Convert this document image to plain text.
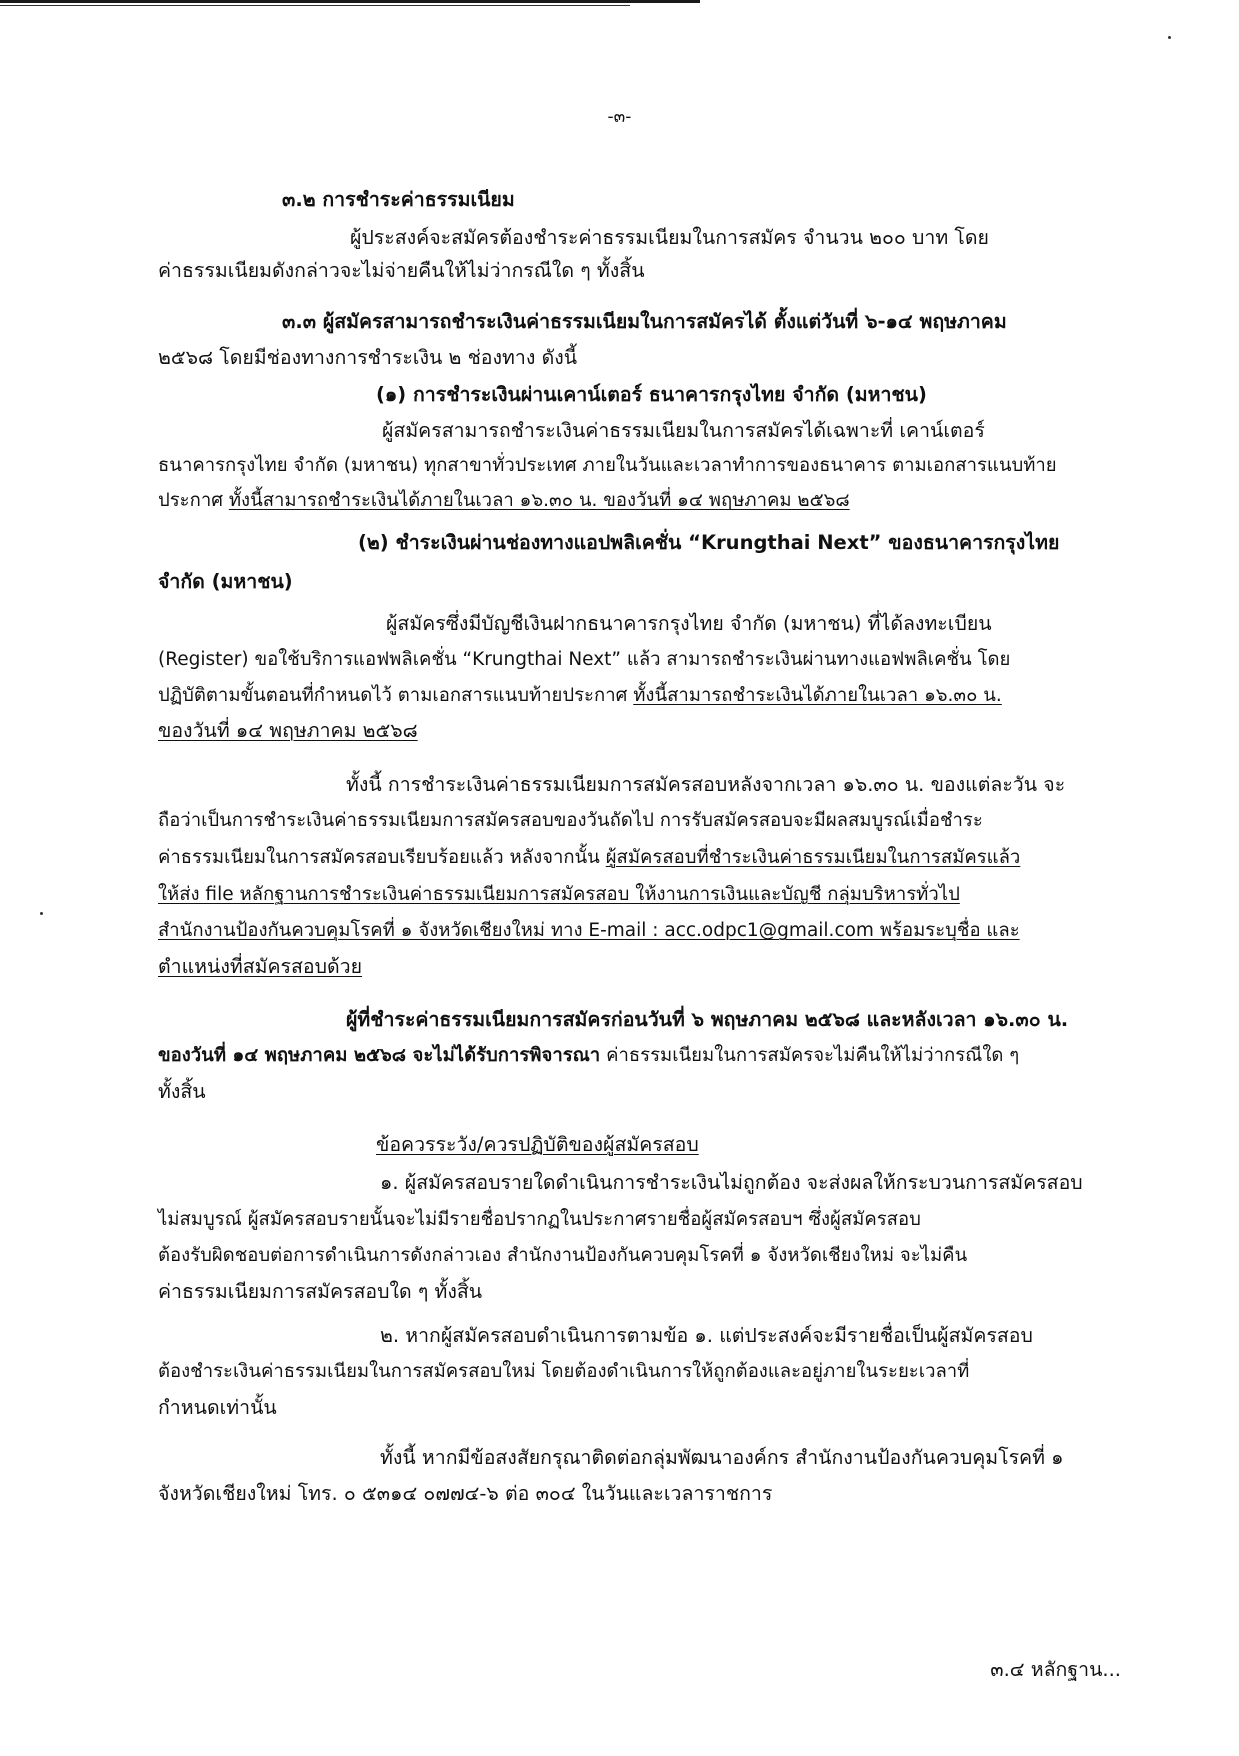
-๓-
๓.๒ การชำระค่าธรรมเนียม
ผู้ประสงค์จะสมัครต้องชำระค่าธรรมเนียมในการสมัคร จำนวน ๒๐๐ บาท โดย
ค่าธรรมเนียมดังกล่าวจะไม่จ่ายคืนให้ไม่ว่ากรณีใด ๆ ทั้งสิ้น
๓.๓ ผู้สมัครสามารถชำระเงินค่าธรรมเนียมในการสมัครได้ ตั้งแต่วันที่ ๖-๑๔ พฤษภาคม
๒๕๖๘ โดยมีช่องทางการชำระเงิน ๒ ช่องทาง ดังนี้
(๑) การชำระเงินผ่านเคาน์เตอร์ ธนาคารกรุงไทย จำกัด (มหาชน)
ผู้สมัครสามารถชำระเงินค่าธรรมเนียมในการสมัครได้เฉพาะที่ เคาน์เตอร์
ธนาคารกรุงไทย จำกัด (มหาชน) ทุกสาขาทั่วประเทศ ภายในวันและเวลาทำการของธนาคาร ตามเอกสารแนบท้าย
ประกาศ ทั้งนี้สามารถชำระเงินได้ภายในเวลา ๑๖.๓๐ น. ของวันที่ ๑๔ พฤษภาคม ๒๕๖๘
(๒) ชำระเงินผ่านช่องทางแอปพลิเคชั่น “Krungthai Next” ของธนาคารกรุงไทย
จำกัด (มหาชน)
ผู้สมัครซึ่งมีบัญชีเงินฝากธนาคารกรุงไทย จำกัด (มหาชน) ที่ได้ลงทะเบียน
(Register) ขอใช้บริการแอฟพลิเคชั่น “Krungthai Next” แล้ว สามารถชำระเงินผ่านทางแอฟพลิเคชั่น โดย
ปฏิบัติตามขั้นตอนที่กำหนดไว้ ตามเอกสารแนบท้ายประกาศ ทั้งนี้สามารถชำระเงินได้ภายในเวลา ๑๖.๓๐ น.
ของวันที่ ๑๔ พฤษภาคม ๒๕๖๘
ทั้งนี้ การชำระเงินค่าธรรมเนียมการสมัครสอบหลังจากเวลา ๑๖.๓๐ น. ของแต่ละวัน จะ
ถือว่าเป็นการชำระเงินค่าธรรมเนียมการสมัครสอบของวันถัดไป การรับสมัครสอบจะมีผลสมบูรณ์เมื่อชำระ
ค่าธรรมเนียมในการสมัครสอบเรียบร้อยแล้ว หลังจากนั้น ผู้สมัครสอบที่ชำระเงินค่าธรรมเนียมในการสมัครแล้ว
ให้ส่ง file หลักฐานการชำระเงินค่าธรรมเนียมการสมัครสอบ ให้งานการเงินและบัญชี กลุ่มบริหารทั่วไป
สำนักงานป้องกันควบคุมโรคที่ ๑ จังหวัดเชียงใหม่ ทาง E-mail : acc.odpc1@gmail.com พร้อมระบุชื่อ และ
ตำแหน่งที่สมัครสอบด้วย
ผู้ที่ชำระค่าธรรมเนียมการสมัครก่อนวันที่ ๖ พฤษภาคม ๒๕๖๘ และหลังเวลา ๑๖.๓๐ น.
ของวันที่ ๑๔ พฤษภาคม ๒๕๖๘ จะไม่ได้รับการพิจารณา ค่าธรรมเนียมในการสมัครจะไม่คืนให้ไม่ว่ากรณีใด ๆ
ทั้งสิ้น
ข้อควรระวัง/ควรปฏิบัติของผู้สมัครสอบ
๑. ผู้สมัครสอบรายใดดำเนินการชำระเงินไม่ถูกต้อง จะส่งผลให้กระบวนการสมัครสอบ
ไม่สมบูรณ์ ผู้สมัครสอบรายนั้นจะไม่มีรายชื่อปรากฏในประกาศรายชื่อผู้สมัครสอบฯ ซึ่งผู้สมัครสอบ
ต้องรับผิดชอบต่อการดำเนินการดังกล่าวเอง สำนักงานป้องกันควบคุมโรคที่ ๑ จังหวัดเชียงใหม่ จะไม่คืน
ค่าธรรมเนียมการสมัครสอบใด ๆ ทั้งสิ้น
๒. หากผู้สมัครสอบดำเนินการตามข้อ ๑. แต่ประสงค์จะมีรายชื่อเป็นผู้สมัครสอบ
ต้องชำระเงินค่าธรรมเนียมในการสมัครสอบใหม่ โดยต้องดำเนินการให้ถูกต้องและอยู่ภายในระยะเวลาที่
กำหนดเท่านั้น
ทั้งนี้ หากมีข้อสงสัยกรุณาติดต่อกลุ่มพัฒนาองค์กร สำนักงานป้องกันควบคุมโรคที่ ๑
จังหวัดเชียงใหม่ โทร. ๐ ๕๓๑๔ ๐๗๗๔-๖ ต่อ ๓๐๔ ในวันและเวลาราชการ
๓.๔ หลักฐาน...
